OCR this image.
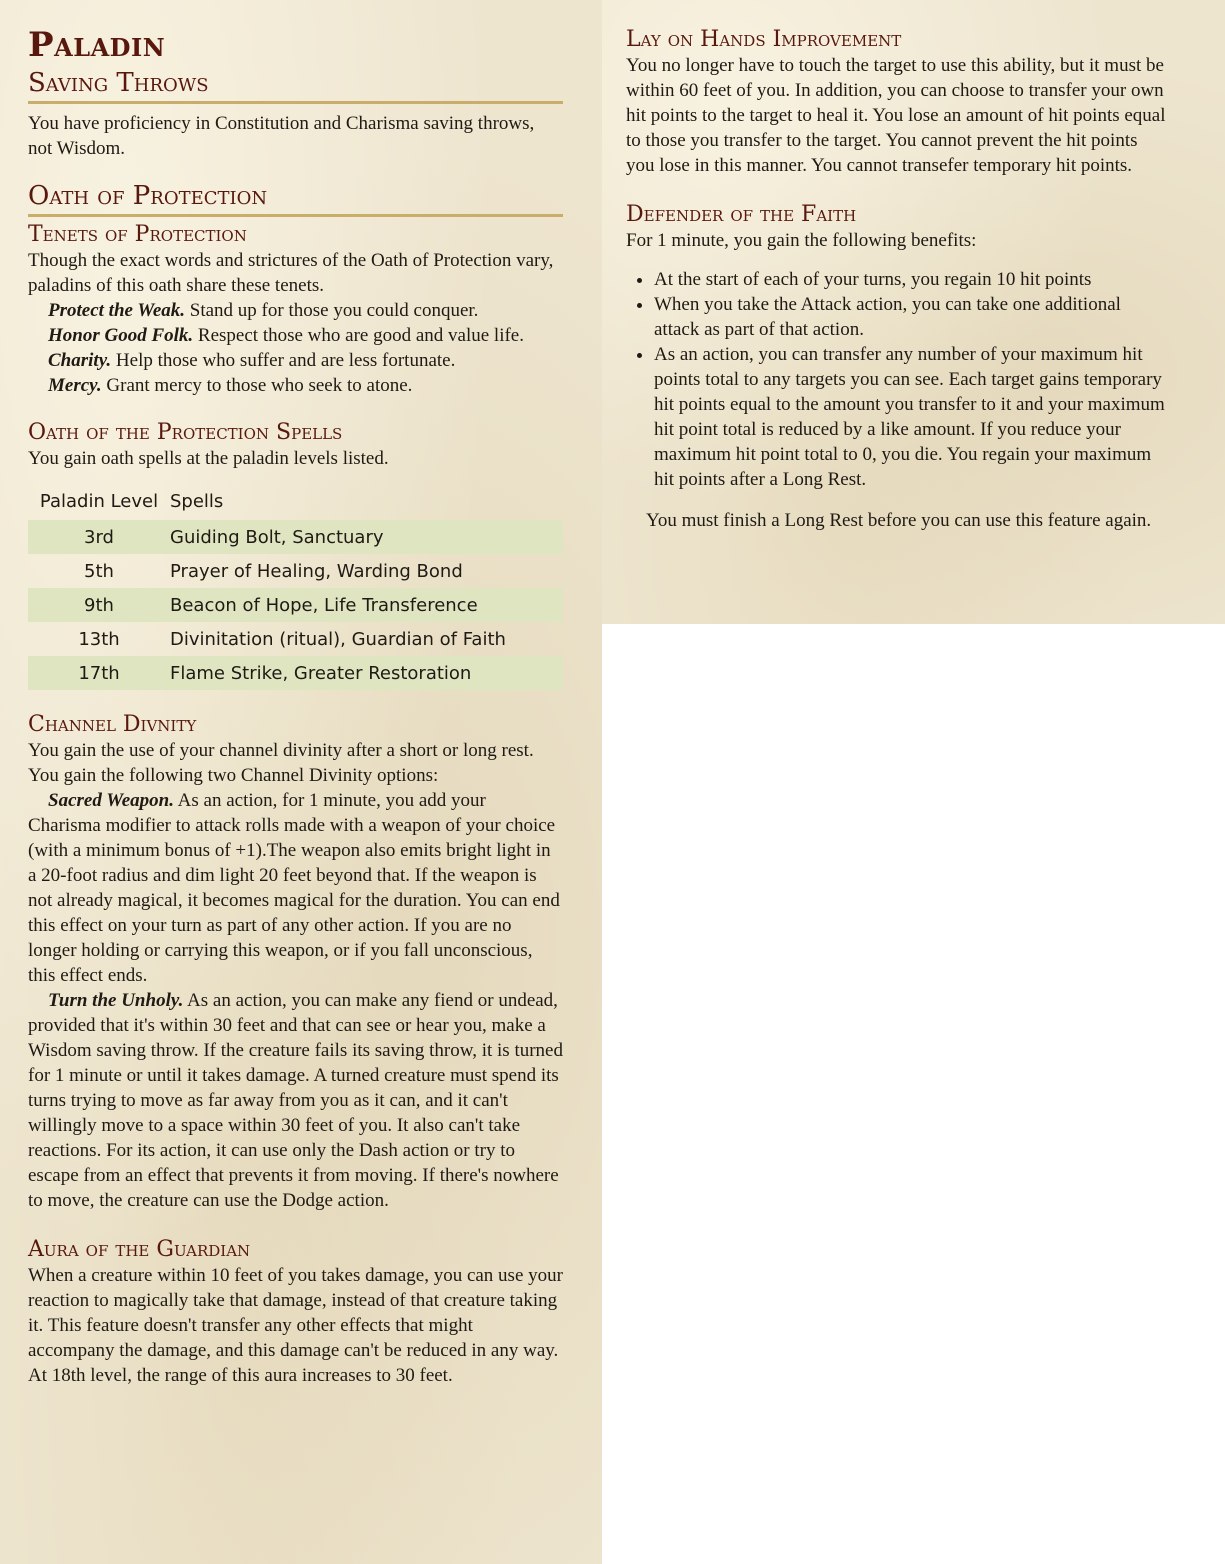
Paladin
Saving Throws

You have proficiency in Constitution and Charisma saving throws, not Wisdom.

Oath of Protection
Tenets of Protection

Though the exact words and strictures of the Oath of Protection vary, paladins of this oath share these tenets.

Protect the Weak. Stand up for those you could conquer.

Honor Good Folk. Respect those who are good and value life.

Charity. Help those who suffer and are less fortunate.

Mercy. Grant mercy to those who seek to atone.

Oath of the Protection Spells

You gain oath spells at the paladin levels listed.

Paladin Level	Spells
3rd	Guiding Bolt, Sanctuary
5th	Prayer of Healing, Warding Bond
9th	Beacon of Hope, Life Transference
13th	Divinitation (ritual), Guardian of Faith
17th	Flame Strike, Greater Restoration
Channel Divnity

You gain the use of your channel divinity after a short or long rest. You gain the following two Channel Divinity options:

Sacred Weapon. As an action, for 1 minute, you add your Charisma modifier to attack rolls made with a weapon of your choice (with a minimum bonus of +1).The weapon also emits bright light in a 20-foot radius and dim light 20 feet beyond that. If the weapon is not already magical, it becomes magical for the duration. You can end this effect on your turn as part of any other action. If you are no longer holding or carrying this weapon, or if you fall unconscious, this effect ends.

Turn the Unholy. As an action, you can make any fiend or undead, provided that it's within 30 feet and that can see or hear you, make a Wisdom saving throw. If the creature fails its saving throw, it is turned for 1 minute or until it takes damage. A turned creature must spend its turns trying to move as far away from you as it can, and it can't willingly move to a space within 30 feet of you. It also can't take reactions. For its action, it can use only the Dash action or try to escape from an effect that prevents it from moving. If there's nowhere to move, the creature can use the Dodge action.

Aura of the Guardian

When a creature within 10 feet of you takes damage, you can use your reaction to magically take that damage, instead of that creature taking it. This feature doesn't transfer any other effects that might accompany the damage, and this damage can't be reduced in any way. At 18th level, the range of this aura increases to 30 feet.

Lay on Hands Improvement

You no longer have to touch the target to use this ability, but it must be within 60 feet of you. In addition, you can choose to transfer your own hit points to the target to heal it. You lose an amount of hit points equal to those you transfer to the target. You cannot prevent the hit points you lose in this manner. You cannot transefer temporary hit points.

Defender of the Faith

For 1 minute, you gain the following benefits:

• At the start of each of your turns, you regain 10 hit points
• When you take the Attack action, you can take one additional attack as part of that action.
• As an action, you can transfer any number of your maximum hit points total to any targets you can see. Each target gains temporary hit points equal to the amount you transfer to it and your maximum hit point total is reduced by a like amount. If you reduce your maximum hit point total to 0, you die. You regain your maximum hit points after a Long Rest.

You must finish a Long Rest before you can use this feature again.
